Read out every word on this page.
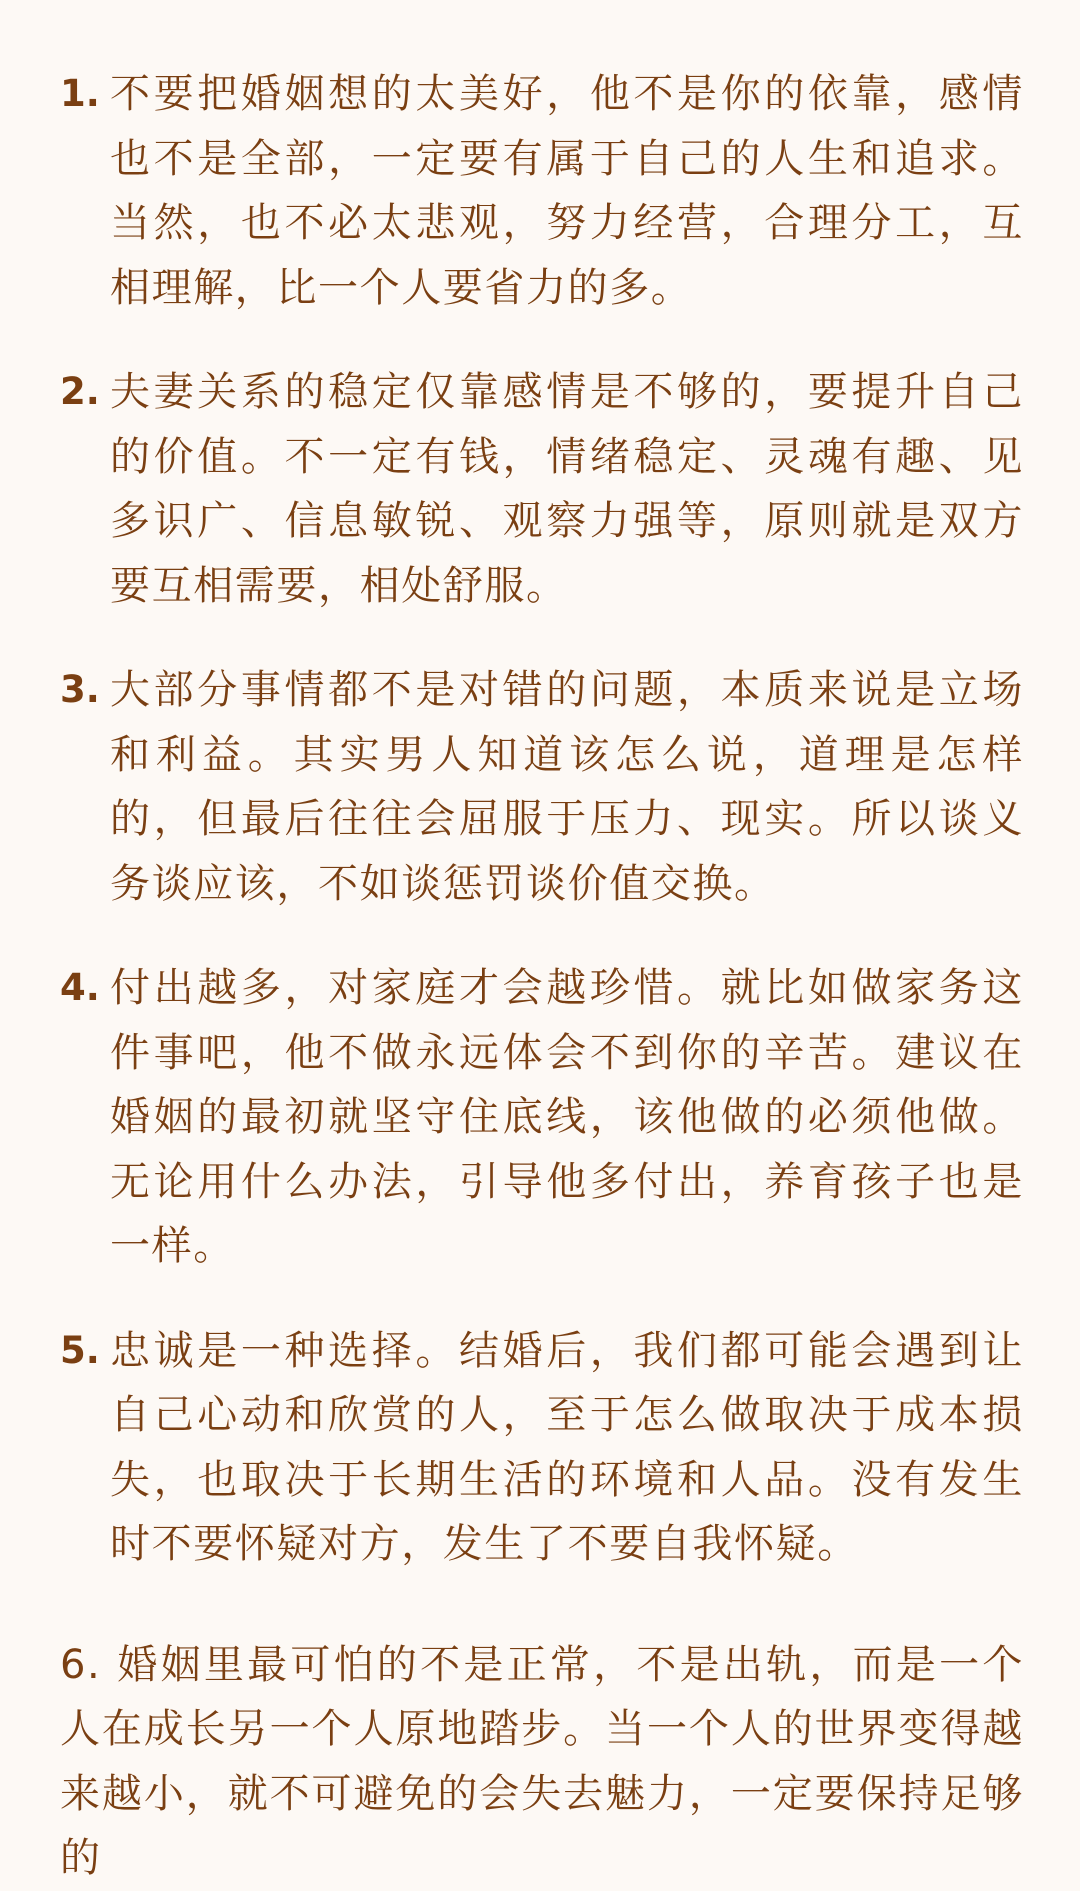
1. 不要把婚姻想的太美好，他不是你的依靠，感情也不是全部，一定要有属于自己的人生和追求。当然，也不必太悲观，努力经营，合理分工，互相理解，比一个人要省力的多。
2. 夫妻关系的稳定仅靠感情是不够的，要提升自己的价值。不一定有钱，情绪稳定、灵魂有趣、见多识广、信息敏锐、观察力强等，原则就是双方要互相需要，相处舒服。
3. 大部分事情都不是对错的问题，本质来说是立场和利益。其实男人知道该怎么说，道理是怎样的，但最后往往会屈服于压力、现实。所以谈义务谈应该，不如谈惩罚谈价值交换。
4. 付出越多，对家庭才会越珍惜。就比如做家务这件事吧，他不做永远体会不到你的辛苦。建议在婚姻的最初就坚守住底线，该他做的必须他做。无论用什么办法，引导他多付出，养育孩子也是一样。
5. 忠诚是一种选择。结婚后，我们都可能会遇到让自己心动和欣赏的人，至于怎么做取决于成本损失，也取决于长期生活的环境和人品。没有发生时不要怀疑对方，发生了不要自我怀疑。
6. 婚姻里最可怕的不是正常，不是出轨，而是一个人在成长另一个人原地踏步。当一个人的世界变得越来越小，就不可避免的会失去魅力，一定要保持足够的
